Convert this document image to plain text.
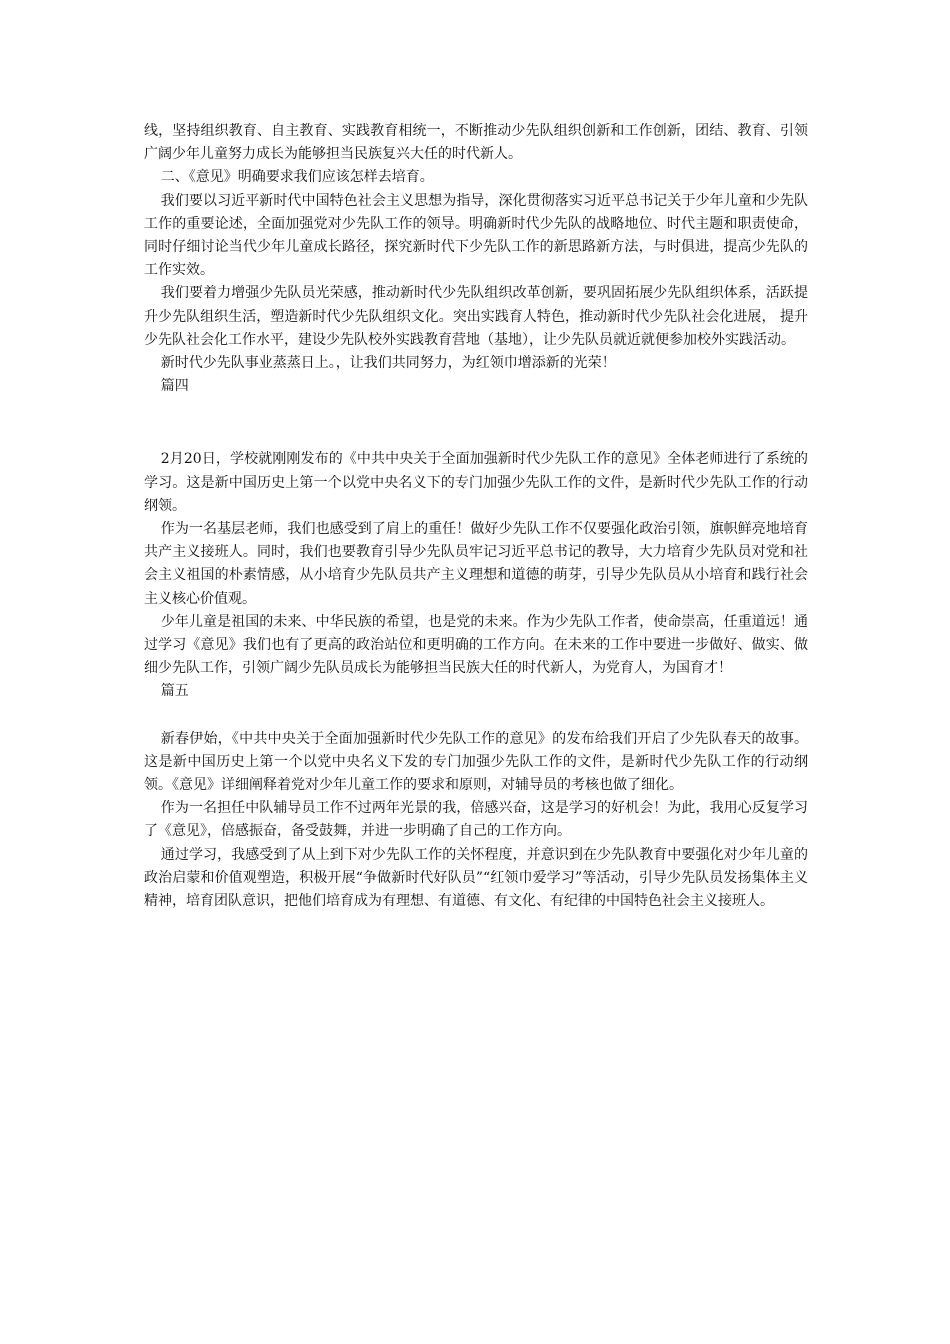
线，坚持组织教育、自主教育、实践教育相统一，不断推动少先队组织创新和工作创新，团结、教育、引领广阔少年儿童努力成长为能够担当民族复兴大任的时代新人。

二、《意见》明确要求我们应该怎样去培育。

我们要以习近平新时代中国特色社会主义思想为指导，深化贯彻落实习近平总书记关于少年儿童和少先队工作的重要论述，全面加强党对少先队工作的领导。明确新时代少先队的战略地位、时代主题和职责使命，同时仔细讨论当代少年儿童成长路径，探究新时代下少先队工作的新思路新方法，与时俱进，提高少先队的工作实效。

我们要着力增强少先队员光荣感，推动新时代少先队组织改革创新，要巩固拓展少先队组织体系，活跃提升少先队组织生活，塑造新时代少先队组织文化。突出实践育人特色，推动新时代少先队社会化进展， 提升少先队社会化工作水平，建设少先队校外实践教育营地（基地），让少先队员就近就便参加校外实践活动。

新时代少先队事业蒸蒸日上。，让我们共同努力，为红领巾增添新的光荣！

篇四

2月20日，学校就刚刚发布的《中共中央关于全面加强新时代少先队工作的意见》全体老师进行了系统的学习。这是新中国历史上第一个以党中央名义下的专门加强少先队工作的文件，是新时代少先队工作的行动纲领。

作为一名基层老师，我们也感受到了肩上的重任！做好少先队工作不仅要强化政治引领，旗帜鲜亮地培育共产主义接班人。同时，我们也要教育引导少先队员牢记习近平总书记的教导，大力培育少先队员对党和社会主义祖国的朴素情感，从小培育少先队员共产主义理想和道德的萌芽，引导少先队员从小培育和践行社会主义核心价值观。

少年儿童是祖国的未来、中华民族的希望，也是党的未来。作为少先队工作者，使命崇高，任重道远！通过学习《意见》我们也有了更高的政治站位和更明确的工作方向。在未来的工作中要进一步做好、做实、做细少先队工作，引领广阔少先队员成长为能够担当民族大任的时代新人，为党育人，为国育才！

篇五

新春伊始，《中共中央关于全面加强新时代少先队工作的意见》的发布给我们开启了少先队春天的故事。这是新中国历史上第一个以党中央名义下发的专门加强少先队工作的文件，是新时代少先队工作的行动纲领。《意见》详细阐释着党对少年儿童工作的要求和原则，对辅导员的考核也做了细化。

作为一名担任中队辅导员工作不过两年光景的我，倍感兴奋，这是学习的好机会！为此，我用心反复学习了《意见》，倍感振奋，备受鼓舞，并进一步明确了自己的工作方向。

通过学习，我感受到了从上到下对少先队工作的关怀程度，并意识到在少先队教育中要强化对少年儿童的政治启蒙和价值观塑造，积极开展“争做新时代好队员”“红领巾爱学习”等活动，引导少先队员发扬集体主义精神，培育团队意识，把他们培育成为有理想、有道德、有文化、有纪律的中国特色社会主义接班人。
